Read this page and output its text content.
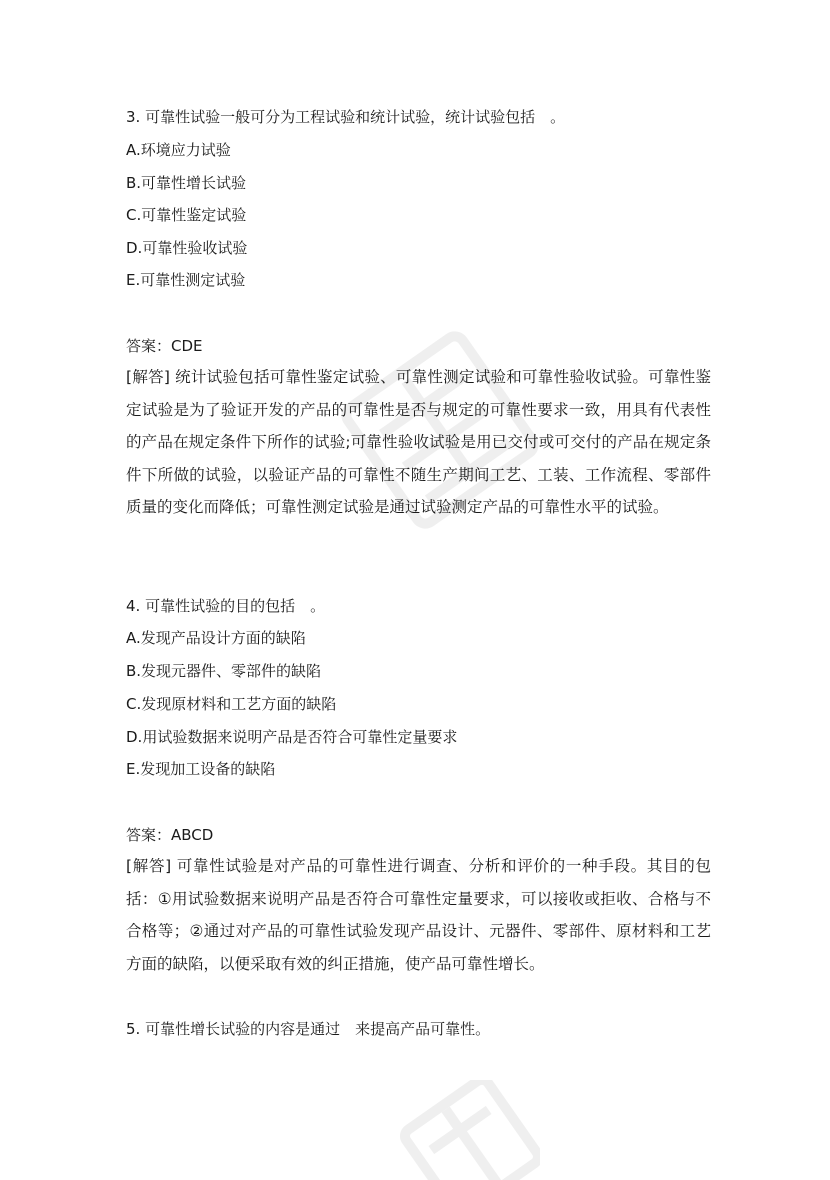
3. 可靠性试验一般可分为工程试验和统计试验，统计试验包括　。
A.环境应力试验
B.可靠性增长试验
C.可靠性鉴定试验
D.可靠性验收试验
E.可靠性测定试验
答案：CDE
[解答] 统计试验包括可靠性鉴定试验、可靠性测定试验和可靠性验收试验。可靠性鉴定试验是为了验证开发的产品的可靠性是否与规定的可靠性要求一致，用具有代表性的产品在规定条件下所作的试验;可靠性验收试验是用已交付或可交付的产品在规定条件下所做的试验，以验证产品的可靠性不随生产期间工艺、工装、工作流程、零部件质量的变化而降低；可靠性测定试验是通过试验测定产品的可靠性水平的试验。
4. 可靠性试验的目的包括　。
A.发现产品设计方面的缺陷
B.发现元器件、零部件的缺陷
C.发现原材料和工艺方面的缺陷
D.用试验数据来说明产品是否符合可靠性定量要求
E.发现加工设备的缺陷
答案：ABCD
[解答] 可靠性试验是对产品的可靠性进行调查、分析和评价的一种手段。其目的包括：①用试验数据来说明产品是否符合可靠性定量要求，可以接收或拒收、合格与不合格等；②通过对产品的可靠性试验发现产品设计、元器件、零部件、原材料和工艺方面的缺陷，以便采取有效的纠正措施，使产品可靠性增长。
5. 可靠性增长试验的内容是通过　来提高产品可靠性。
